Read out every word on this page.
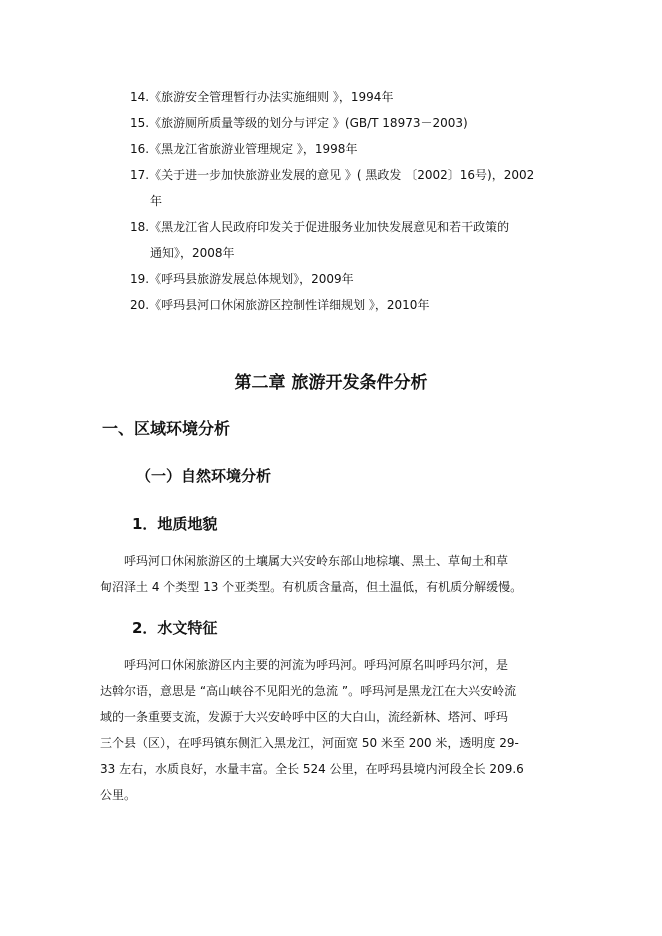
14.《旅游安全管理暂行办法实施细则 》，1994年
15.《旅游厕所质量等级的划分与评定 》(GB/T 18973－2003)
16.《黑龙江省旅游业管理规定 》，1998年
17.《关于进一步加快旅游业发展的意见 》( 黑政发 〔2002〕16号)，2002
年
18.《黑龙江省人民政府印发关于促进服务业加快发展意见和若干政策的
通知》，2008年
19.《呼玛县旅游发展总体规划》，2009年
20.《呼玛县河口休闲旅游区控制性详细规划 》，2010年
第二章 旅游开发条件分析
一、区域环境分析
（一）自然环境分析
1．地质地貌
呼玛河口休闲旅游区的土壤属大兴安岭东部山地棕壤、黑土、草甸土和草
甸沼泽土 4 个类型 13 个亚类型。有机质含量高，但土温低，有机质分解缓慢。
2．水文特征
呼玛河口休闲旅游区内主要的河流为呼玛河。呼玛河原名叫呼玛尔河，是
达斡尔语，意思是 “高山峡谷不见阳光的急流 ”。呼玛河是黑龙江在大兴安岭流
域的一条重要支流，发源于大兴安岭呼中区的大白山，流经新林、塔河、呼玛
三个县（区），在呼玛镇东侧汇入黑龙江，河面宽 50 米至 200 米，透明度 29-
33 左右，水质良好，水量丰富。全长 524 公里，在呼玛县境内河段全长 209.6
公里。
